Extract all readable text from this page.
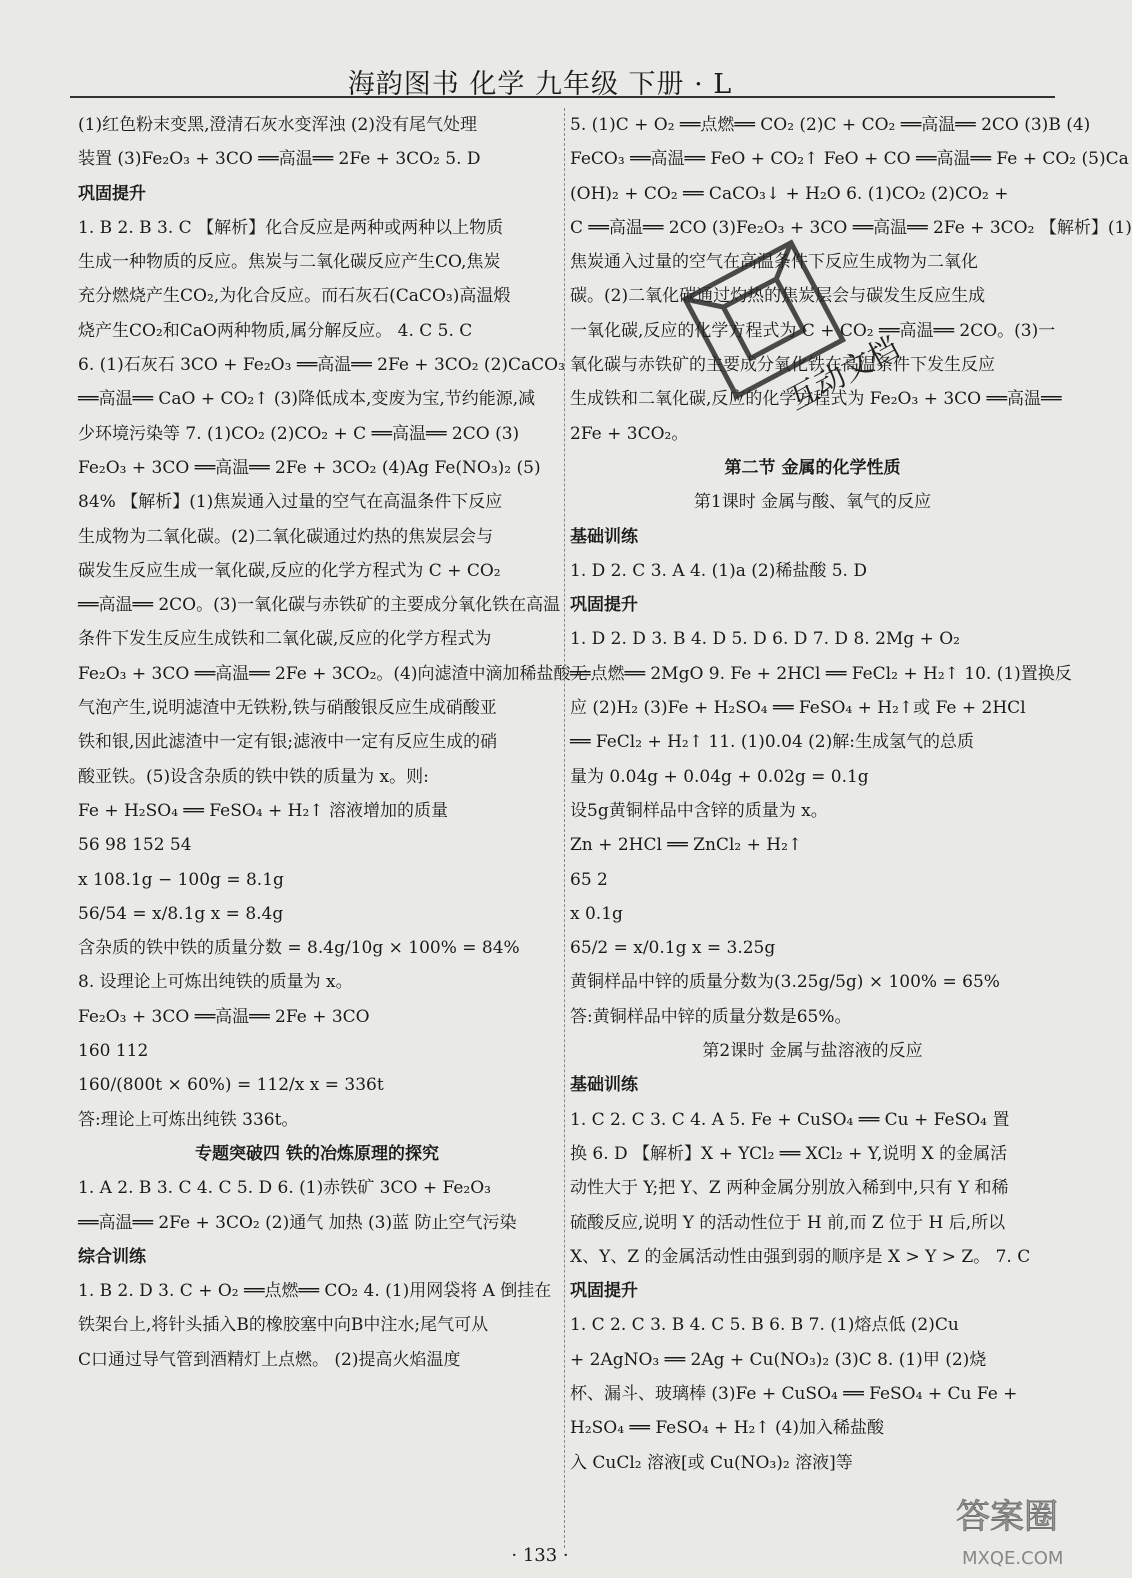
海韵图书 化学 九年级 下册 · L

(1)红色粉末变黑,澄清石灰水变浑浊 (2)没有尾气处理

装置 (3)Fe₂O₃ + 3CO ══高温══ 2Fe + 3CO₂ 5. D

巩固提升

1. B 2. B 3. C 【解析】化合反应是两种或两种以上物质

生成一种物质的反应。焦炭与二氧化碳反应产生CO,焦炭

充分燃烧产生CO₂,为化合反应。而石灰石(CaCO₃)高温煅

烧产生CO₂和CaO两种物质,属分解反应。 4. C 5. C

6. (1)石灰石 3CO + Fe₂O₃ ══高温══ 2Fe + 3CO₂ (2)CaCO₃

══高温══ CaO + CO₂↑ (3)降低成本,变废为宝,节约能源,减

少环境污染等 7. (1)CO₂ (2)CO₂ + C ══高温══ 2CO (3)

Fe₂O₃ + 3CO ══高温══ 2Fe + 3CO₂ (4)Ag Fe(NO₃)₂ (5)

84% 【解析】(1)焦炭通入过量的空气在高温条件下反应

生成物为二氧化碳。(2)二氧化碳通过灼热的焦炭层会与

碳发生反应生成一氧化碳,反应的化学方程式为 C + CO₂

══高温══ 2CO。(3)一氧化碳与赤铁矿的主要成分氧化铁在高温

条件下发生反应生成铁和二氧化碳,反应的化学方程式为

Fe₂O₃ + 3CO ══高温══ 2Fe + 3CO₂。(4)向滤渣中滴加稀盐酸无

气泡产生,说明滤渣中无铁粉,铁与硝酸银反应生成硝酸亚

铁和银,因此滤渣中一定有银;滤液中一定有反应生成的硝

酸亚铁。(5)设含杂质的铁中铁的质量为 x。则:

Fe + H₂SO₄ ══ FeSO₄ + H₂↑ 溶液增加的质量

56 98 152 54

x 108.1g − 100g = 8.1g

56/54 = x/8.1g x = 8.4g

含杂质的铁中铁的质量分数 = 8.4g/10g × 100% = 84%

8. 设理论上可炼出纯铁的质量为 x。

Fe₂O₃ + 3CO ══高温══ 2Fe + 3CO

160 112

160/(800t × 60%) = 112/x x = 336t

答:理论上可炼出纯铁 336t。

专题突破四 铁的冶炼原理的探究

1. A 2. B 3. C 4. C 5. D 6. (1)赤铁矿 3CO + Fe₂O₃

══高温══ 2Fe + 3CO₂ (2)通气 加热 (3)蓝 防止空气污染

综合训练

1. B 2. D 3. C + O₂ ══点燃══ CO₂ 4. (1)用网袋将 A 倒挂在

铁架台上,将针头插入B的橡胶塞中向B中注水;尾气可从

C口通过导气管到酒精灯上点燃。 (2)提高火焰温度

5. (1)C + O₂ ══点燃══ CO₂ (2)C + CO₂ ══高温══ 2CO (3)B (4)

FeCO₃ ══高温══ FeO + CO₂↑ FeO + CO ══高温══ Fe + CO₂ (5)Ca

(OH)₂ + CO₂ ══ CaCO₃↓ + H₂O 6. (1)CO₂ (2)CO₂ +

C ══高温══ 2CO (3)Fe₂O₃ + 3CO ══高温══ 2Fe + 3CO₂ 【解析】(1)

焦炭通入过量的空气在高温条件下反应生成物为二氧化

碳。(2)二氧化碳通过灼热的焦炭层会与碳发生反应生成

一氧化碳,反应的化学方程式为 C + CO₂ ══高温══ 2CO。(3)一

氧化碳与赤铁矿的主要成分氧化铁在高温条件下发生反应

生成铁和二氧化碳,反应的化学方程式为 Fe₂O₃ + 3CO ══高温══

2Fe + 3CO₂。

第二节 金属的化学性质

第1课时 金属与酸、氧气的反应

基础训练

1. D 2. C 3. A 4. (1)a (2)稀盐酸 5. D

巩固提升

1. D 2. D 3. B 4. D 5. D 6. D 7. D 8. 2Mg + O₂

══点燃══ 2MgO 9. Fe + 2HCl ══ FeCl₂ + H₂↑ 10. (1)置换反

应 (2)H₂ (3)Fe + H₂SO₄ ══ FeSO₄ + H₂↑或 Fe + 2HCl

══ FeCl₂ + H₂↑ 11. (1)0.04 (2)解:生成氢气的总质

量为 0.04g + 0.04g + 0.02g = 0.1g

设5g黄铜样品中含锌的质量为 x。

Zn + 2HCl ══ ZnCl₂ + H₂↑

65 2

x 0.1g

65/2 = x/0.1g x = 3.25g

黄铜样品中锌的质量分数为(3.25g/5g) × 100% = 65%

答:黄铜样品中锌的质量分数是65%。

第2课时 金属与盐溶液的反应

基础训练

1. C 2. C 3. C 4. A 5. Fe + CuSO₄ ══ Cu + FeSO₄ 置

换 6. D 【解析】X + YCl₂ ══ XCl₂ + Y,说明 X 的金属活

动性大于 Y;把 Y、Z 两种金属分别放入稀到中,只有 Y 和稀

硫酸反应,说明 Y 的活动性位于 H 前,而 Z 位于 H 后,所以

X、Y、Z 的金属活动性由强到弱的顺序是 X > Y > Z。 7. C

巩固提升

1. C 2. C 3. B 4. C 5. B 6. B 7. (1)熔点低 (2)Cu

+ 2AgNO₃ ══ 2Ag + Cu(NO₃)₂ (3)C 8. (1)甲 (2)烧

杯、漏斗、玻璃棒 (3)Fe + CuSO₄ ══ FeSO₄ + Cu Fe +

H₂SO₄ ══ FeSO₄ + H₂↑ (4)加入稀盐酸

入 CuCl₂ 溶液[或 Cu(NO₃)₂ 溶液]等

· 133 ·
互动文档
答案圈
MXQE.COM
